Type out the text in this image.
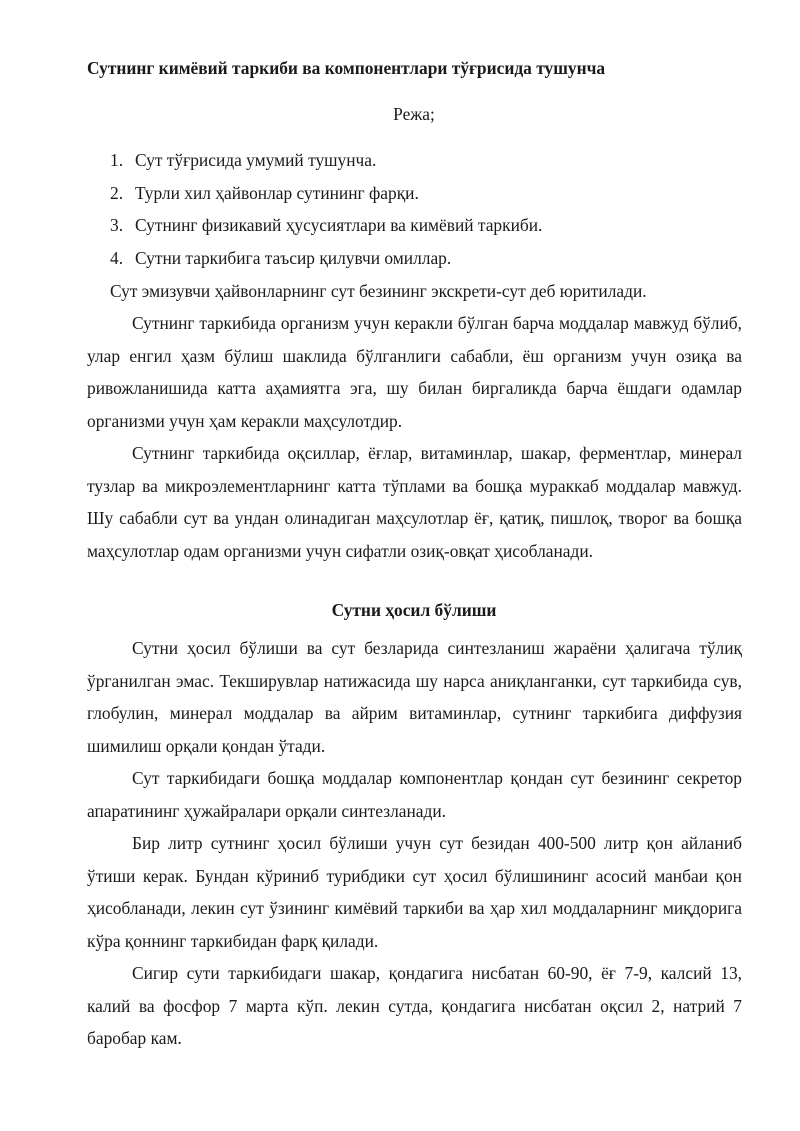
Сутнинг кимёвий таркиби ва компонентлари тўғрисида тушунча
Режа;
1. Сут тўғрисида умумий тушунча.
2. Турли хил ҳайвонлар сутининг фарқи.
3. Сутнинг физикавий ҳусусиятлари ва кимёвий таркиби.
4. Сутни таркибига таъсир қилувчи омиллар.

Сут эмизувчи ҳайвонларнинг сут безининг экскрети-сут деб юритилади.

Сутнинг таркибида организм учун керакли бўлган барча моддалар мавжуд бўлиб, улар енгил ҳазм бўлиш шаклида бўлганлиги сабабли, ёш организм учун озиқа ва ривожланишида катта аҳамиятга эга, шу билан биргаликда барча ёшдаги одамлар организми учун ҳам керакли маҳсулотдир.

Сутнинг таркибида оқсиллар, ёғлар, витаминлар, шакар, ферментлар, минерал тузлар ва микроэлементларнинг катта тўплами ва бошқа мураккаб моддалар мавжуд. Шу сабабли сут ва ундан олинадиган маҳсулотлар ёғ, қатиқ, пишлоқ, творог ва бошқа маҳсулотлар одам организми учун сифатли озиқ-овқат ҳисобланади.

Сутни ҳосил бўлиши

Сутни ҳосил бўлиши ва сут безларида синтезланиш жараёни ҳалигача тўлиқ ўрганилган эмас. Текширувлар натижасида шу нарса аниқланганки, сут таркибида сув, глобулин, минерал моддалар ва айрим витаминлар, сутнинг таркибига диффузия шимилиш орқали қондан ўтади.

Сут таркибидаги бошқа моддалар компонентлар қондан сут безининг секретор апаратининг ҳужайралари орқали синтезланади.

Бир литр сутнинг ҳосил бўлиши учун сут безидан 400-500 литр қон айланиб ўтиши керак. Бундан кўриниб турибдики сут ҳосил бўлишининг асосий манбаи қон ҳисобланади, лекин сут ўзининг кимёвий таркиби ва ҳар хил моддаларнинг миқдорига кўра қоннинг таркибидан фарқ қилади.

Сигир сути таркибидаги шакар, қондагига нисбатан 60-90, ёғ 7-9, калсий 13, калий ва фосфор 7 марта кўп. лекин сутда, қондагига нисбатан оқсил 2, натрий 7 баробар кам.
